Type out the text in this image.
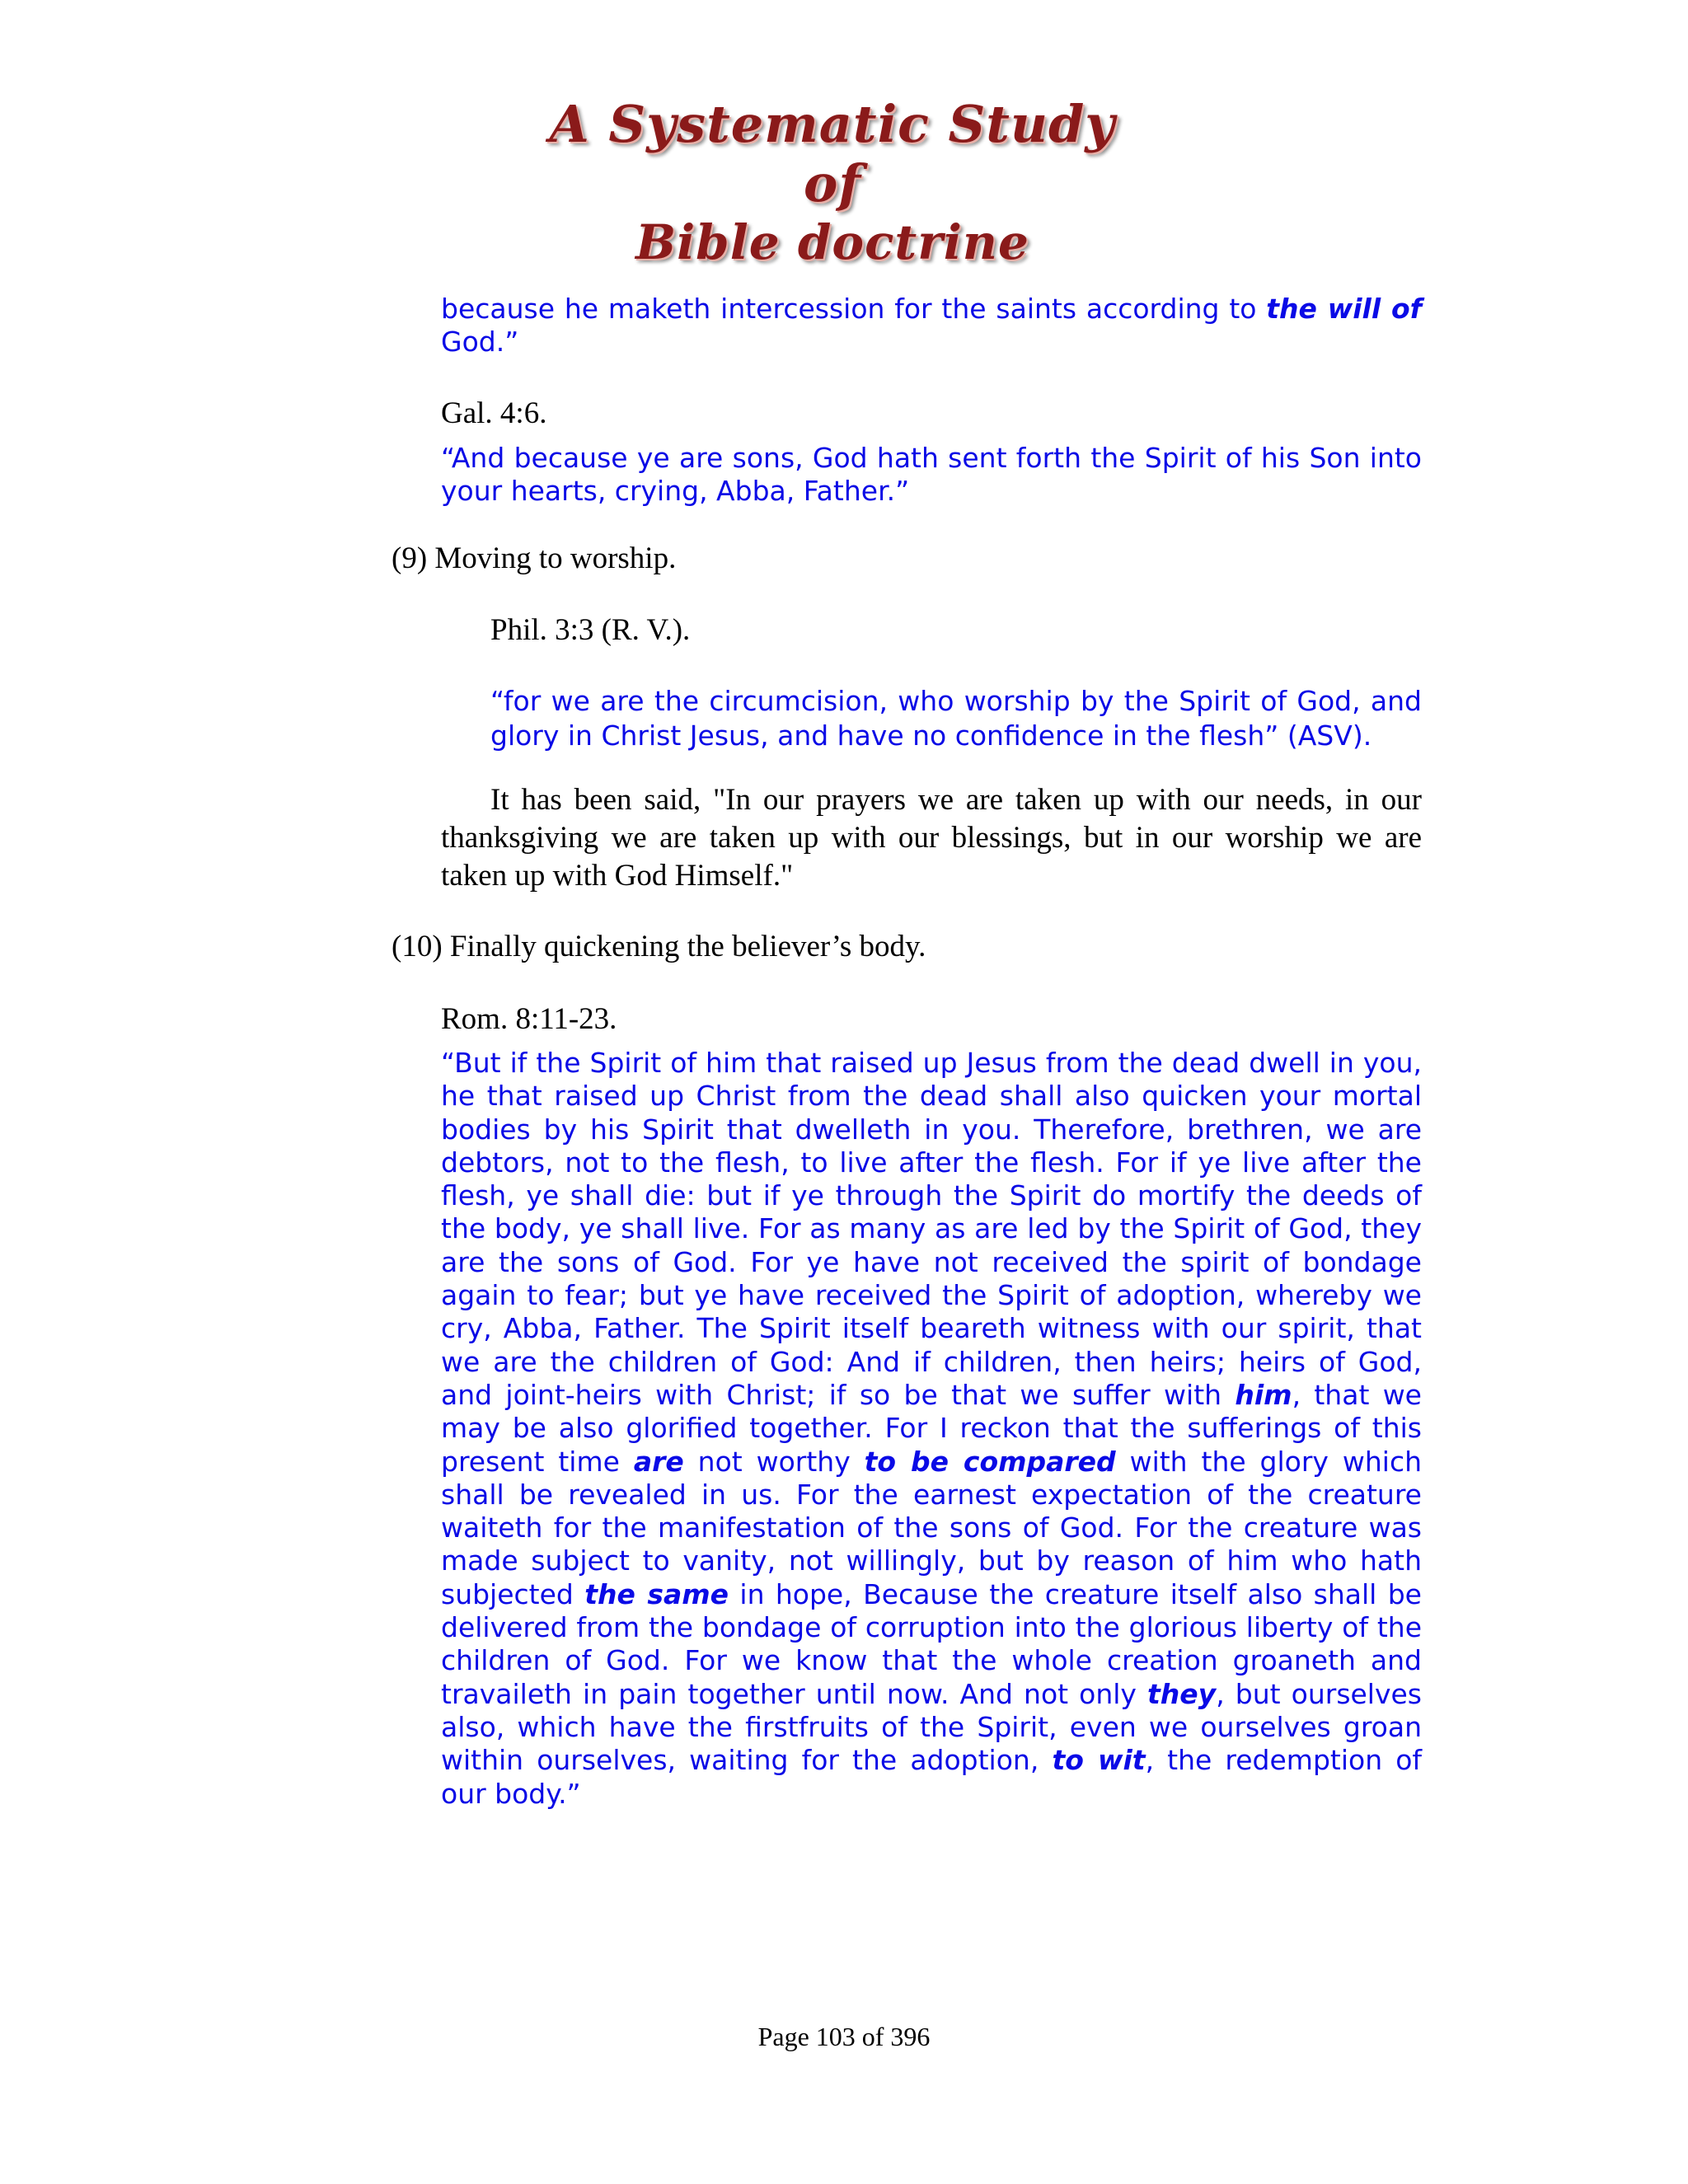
A Systematic Study of
Bible doctrine
because he maketh intercession for the saints according to the will of God.”
Gal. 4:6.
“And because ye are sons, God hath sent forth the Spirit of his Son into your hearts, crying, Abba, Father.”
(9) Moving to worship.
Phil. 3:3 (R. V.).
“for we are the circumcision, who worship by the Spirit of God, and glory in Christ Jesus, and have no confidence in the flesh” (ASV).
It has been said, "In our prayers we are taken up with our needs, in our thanksgiving we are taken up with our blessings, but in our worship we are taken up with God Himself."
(10) Finally quickening the believer’s body.
Rom. 8:11-23.
“But if the Spirit of him that raised up Jesus from the dead dwell in you, he that raised up Christ from the dead shall also quicken your mortal bodies by his Spirit that dwelleth in you. Therefore, brethren, we are debtors, not to the flesh, to live after the flesh. For if ye live after the flesh, ye shall die: but if ye through the Spirit do mortify the deeds of the body, ye shall live. For as many as are led by the Spirit of God, they are the sons of God. For ye have not received the spirit of bondage again to fear; but ye have received the Spirit of adoption, whereby we cry, Abba, Father. The Spirit itself beareth witness with our spirit, that we are the children of God: And if children, then heirs; heirs of God, and joint-heirs with Christ; if so be that we suffer with him, that we may be also glorified together. For I reckon that the sufferings of this present time are not worthy to be compared with the glory which shall be revealed in us. For the earnest expectation of the creature waiteth for the manifestation of the sons of God. For the creature was made subject to vanity, not willingly, but by reason of him who hath subjected the same in hope, Because the creature itself also shall be delivered from the bondage of corruption into the glorious liberty of the children of God. For we know that the whole creation groaneth and travaileth in pain together until now. And not only they, but ourselves also, which have the firstfruits of the Spirit, even we ourselves groan within ourselves, waiting for the adoption, to wit, the redemption of our body.”
Page 103 of 396
